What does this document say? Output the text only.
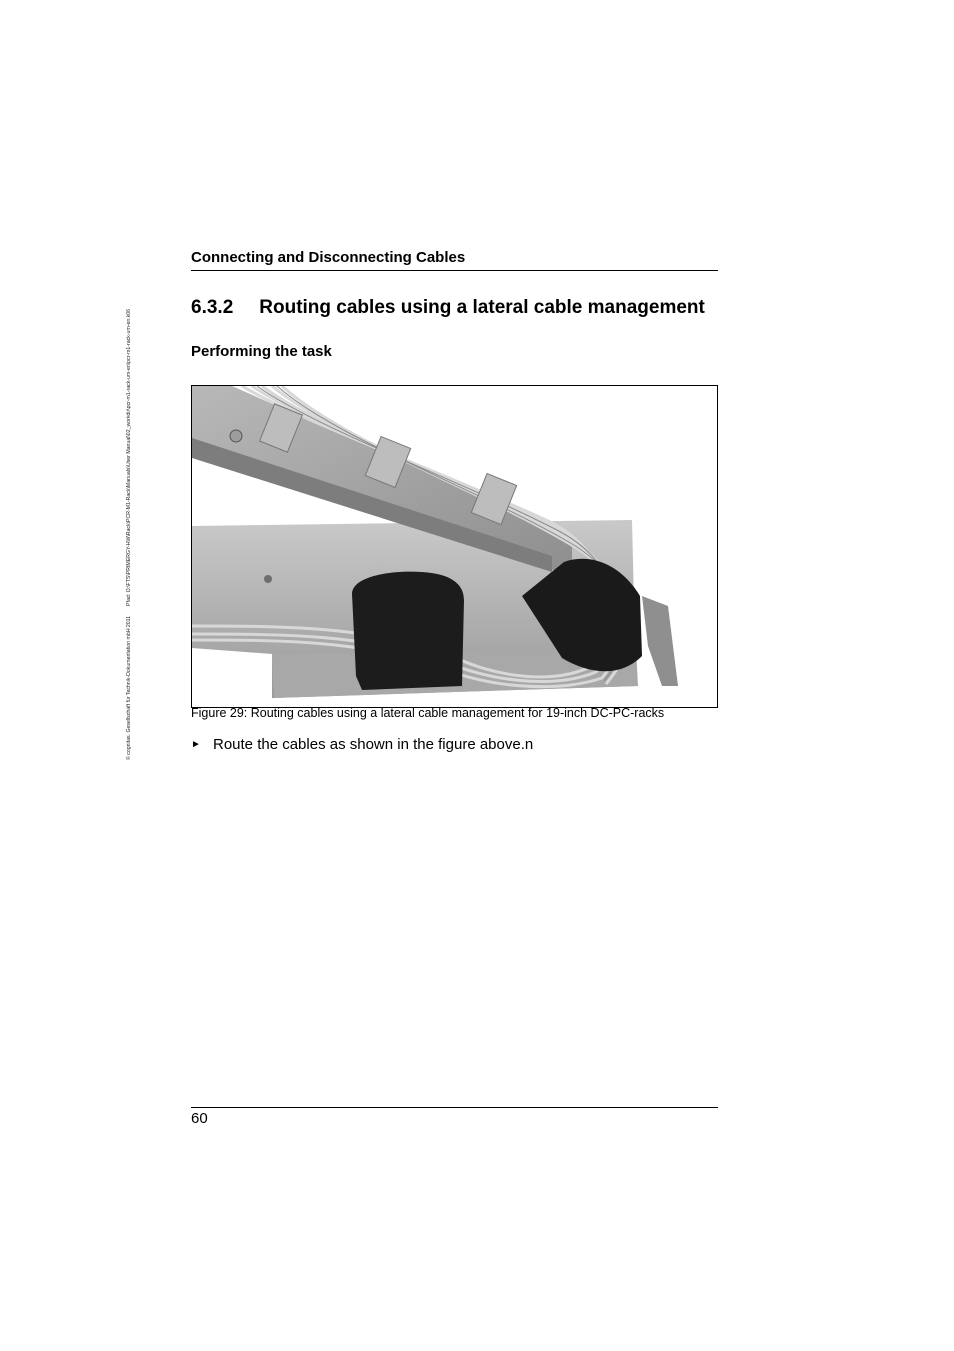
© cognitas. Gesellschaft für Technik-Dokumentation mbH 2011
Pfad: O:\FTS\PRIMERGY-HW\Rack\PCR-M1-Rack\Manuals\User Manual\02_workdir\pcr-m1-rack-um-en\pcr-m1-rack-um-en.k06
Connecting and Disconnecting Cables
6.3.2 Routing cables using a lateral cable management
Performing the task
Figure 29: Routing cables using a lateral cable management for 19-inch DC-PC-racks
► Route the cables as shown in the figure above.n
60
